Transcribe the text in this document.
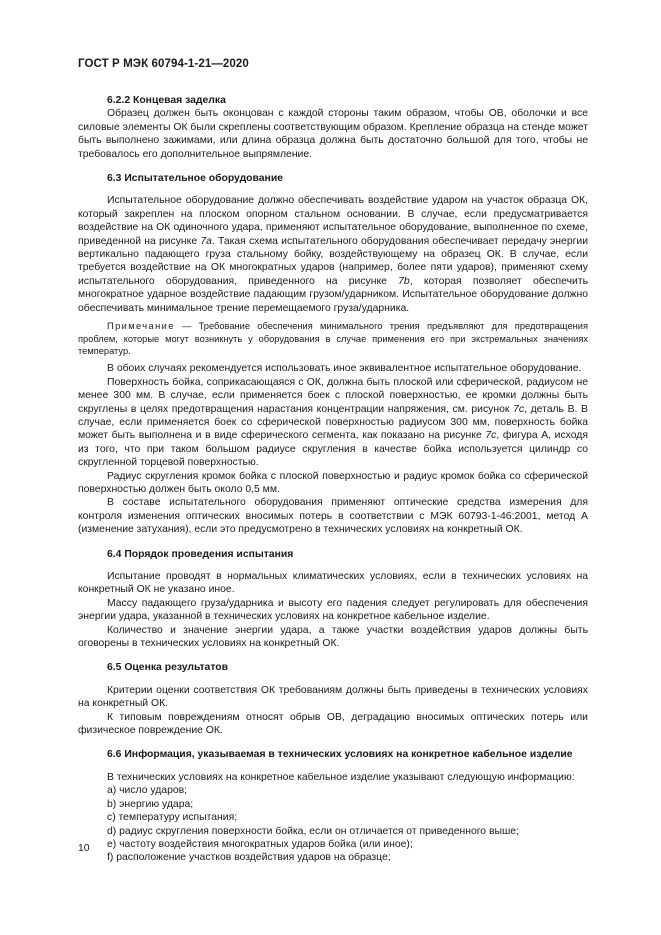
ГОСТ Р МЭК 60794-1-21—2020
6.2.2 Концевая заделка

Образец должен быть оконцован с каждой стороны таким образом, чтобы ОВ, оболочки и все силовые элементы ОК были скреплены соответствующим образом. Крепление образца на стенде может быть выполнено зажимами, или длина образца должна быть достаточно большой для того, чтобы не требовалось его дополнительное выпрямление.

6.3 Испытательное оборудование

Испытательное оборудование должно обеспечивать воздействие ударом на участок образца ОК, который закреплен на плоском опорном стальном основании. В случае, если предусматривается воздействие на ОК одиночного удара, применяют испытательное оборудование, выполненное по схеме, приведенной на рисунке 7a. Такая схема испытательного оборудования обеспечивает передачу энергии вертикально падающего груза стальному бойку, воздействующему на образец ОК. В случае, если требуется воздействие на ОК многократных ударов (например, более пяти ударов), применяют схему испытательного оборудования, приведенного на рисунке 7b, которая позволяет обеспечить многократное ударное воздействие падающим грузом/ударником. Испытательное оборудование должно обеспечивать минимальное трение перемещаемого груза/ударника.

Примечание — Требование обеспечения минимального трения предъявляют для предотвращения проблем, которые могут возникнуть у оборудования в случае применения его при экстремальных значениях температур.

В обоих случаях рекомендуется использовать иное эквивалентное испытательное оборудование.

Поверхность бойка, соприкасающаяся с ОК, должна быть плоской или сферической, радиусом не менее 300 мм. В случае, если применяется боек с плоской поверхностью, ее кромки должны быть скруглены в целях предотвращения нарастания концентрации напряжения, см. рисунок 7c, деталь В. В случае, если применяется боек со сферической поверхностью радиусом 300 мм, поверхность бойка может быть выполнена и в виде сферического сегмента, как показано на рисунке 7c, фигура А, исходя из того, что при таком большом радиусе скругления в качестве бойка используется цилиндр со скругленной торцевой поверхностью.

Радиус скругления кромок бойка с плоской поверхностью и радиус кромок бойка со сферической поверхностью должен быть около 0,5 мм.

В составе испытательного оборудования применяют оптические средства измерения для контроля изменения оптических вносимых потерь в соответствии с МЭК 60793-1-46:2001, метод А (изменение затухания), если это предусмотрено в технических условиях на конкретный ОК.

6.4 Порядок проведения испытания

Испытание проводят в нормальных климатических условиях, если в технических условиях на конкретный ОК не указано иное.

Массу падающего груза/ударника и высоту его падения следует регулировать для обеспечения энергии удара, указанной в технических условиях на конкретное кабельное изделие.

Количество и значение энергии удара, а также участки воздействия ударов должны быть оговорены в технических условиях на конкретный ОК.

6.5 Оценка результатов

Критерии оценки соответствия ОК требованиям должны быть приведены в технических условиях на конкретный ОК.

К типовым повреждениям относят обрыв ОВ, деградацию вносимых оптических потерь или физическое повреждение ОК.

6.6 Информация, указываемая в технических условиях на конкретное кабельное изделие

В технических условиях на конкретное кабельное изделие указывают следующую информацию:

a) число ударов;

b) энергию удара;

c) температуру испытания;

d) радиус скругления поверхности бойка, если он отличается от приведенного выше;

e) частоту воздействия многократных ударов бойка (или иное);

f) расположение участков воздействия ударов на образце;

10
